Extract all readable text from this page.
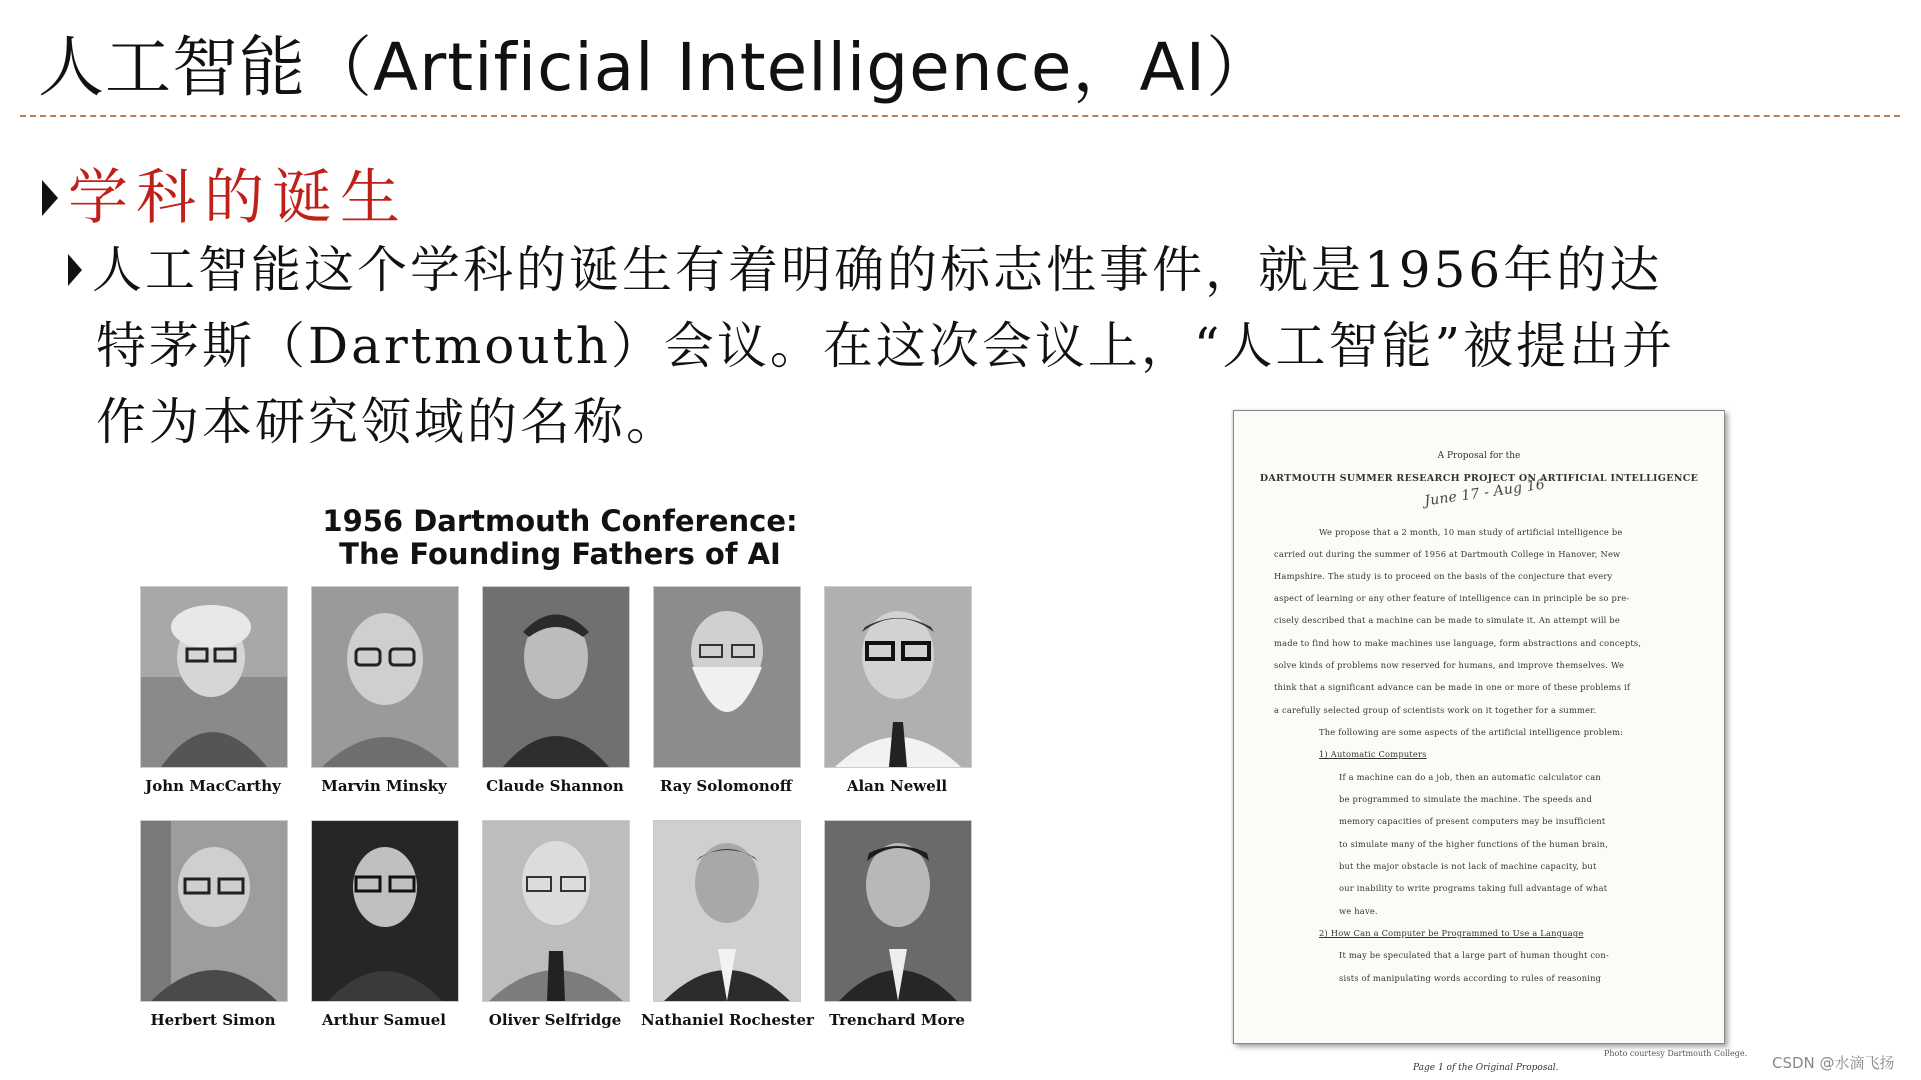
人工智能（Artificial Intelligence，AI）
学科的诞生
人工智能这个学科的诞生有着明确的标志性事件，就是1956年的达
特茅斯（Dartmouth）会议。在这次会议上，“人工智能”被提出并
作为本研究领域的名称。
1956 Dartmouth Conference:
The Founding Fathers of AI
John MacCarthy	Marvin Minsky	Claude Shannon	Ray Solomonoff	Alan Newell
Herbert Simon	Arthur Samuel	Oliver Selfridge	Nathaniel Rochester	Trenchard More
A Proposal for the
DARTMOUTH SUMMER RESEARCH PROJECT ON ARTIFICIAL INTELLIGENCE
June 17 - Aug 16
We propose that a 2 month, 10 man study of artificial intelligence be
carried out during the summer of 1956 at Dartmouth College in Hanover, New
Hampshire. The study is to proceed on the basis of the conjecture that every
aspect of learning or any other feature of intelligence can in principle be so pre-
cisely described that a machine can be made to simulate it. An attempt will be
made to find how to make machines use language, form abstractions and concepts,
solve kinds of problems now reserved for humans, and improve themselves. We
think that a significant advance can be made in one or more of these problems if
a carefully selected group of scientists work on it together for a summer.
The following are some aspects of the artificial intelligence problem:
1) Automatic Computers
If a machine can do a job, then an automatic calculator can
be programmed to simulate the machine. The speeds and
memory capacities of present computers may be insufficient
to simulate many of the higher functions of the human brain,
but the major obstacle is not lack of machine capacity, but
our inability to write programs taking full advantage of what
we have.
2) How Can a Computer be Programmed to Use a Language
It may be speculated that a large part of human thought con-
sists of manipulating words according to rules of reasoning
Photo courtesy Dartmouth College.
Page 1 of the Original Proposal.	CSDN @水滴飞扬
